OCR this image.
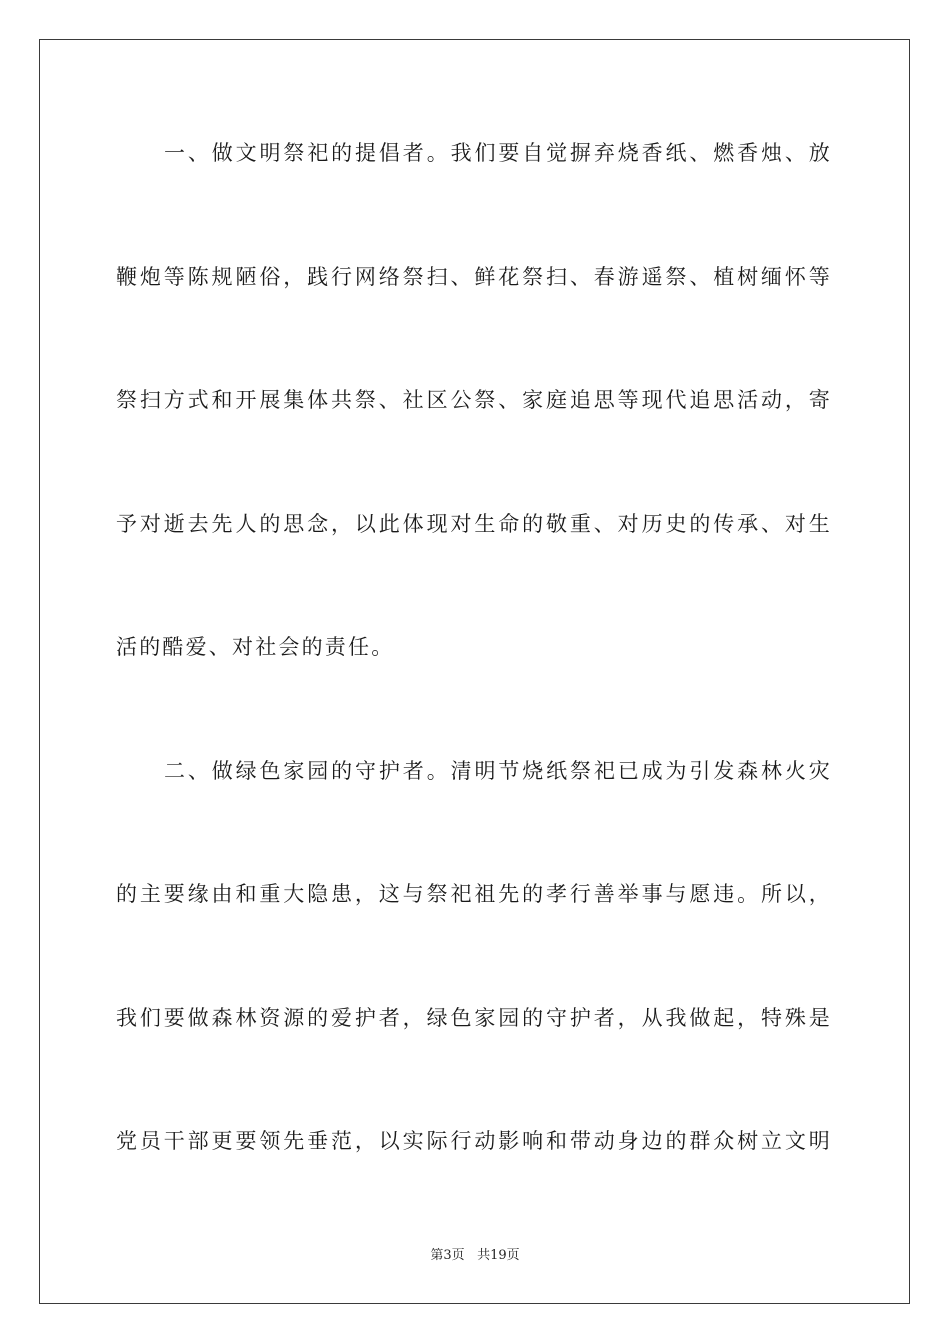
一、做文明祭祀的提倡者。我们要自觉摒弃烧香纸、燃香烛、放
鞭炮等陈规陋俗，践行网络祭扫、鲜花祭扫、春游遥祭、植树缅怀等
祭扫方式和开展集体共祭、社区公祭、家庭追思等现代追思活动，寄
予对逝去先人的思念，以此体现对生命的敬重、对历史的传承、对生
活的酷爱、对社会的责任。
二、做绿色家园的守护者。清明节烧纸祭祀已成为引发森林火灾
的主要缘由和重大隐患，这与祭祀祖先的孝行善举事与愿违。所以，
我们要做森林资源的爱护者，绿色家园的守护者，从我做起，特殊是
党员干部更要领先垂范，以实际行动影响和带动身边的群众树立文明
第3页 共19页
